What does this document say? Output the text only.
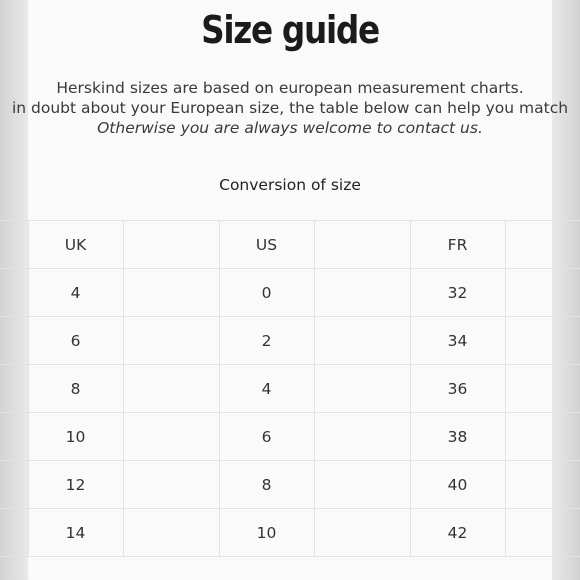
Size guide

Herskind sizes are based on european measurement charts.

in doubt about your European size, the table below can help you match

Otherwise you are always welcome to contact us.

Conversion of size

	UK		US		FR		
	4		0		32		
	6		2		34		
	8		4		36		
	10		6		38		
	12		8		40		
	14		10		42		
